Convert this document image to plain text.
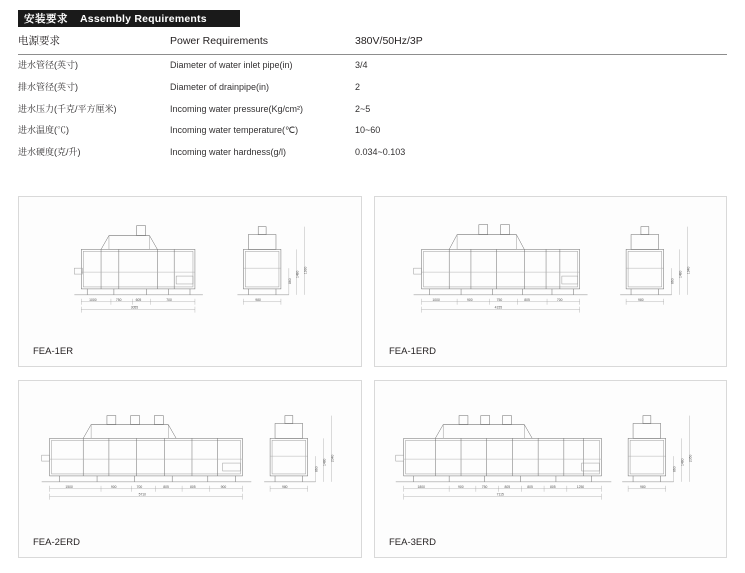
安装要求 Assembly Requirements
电源要求	Power Requirements	380V/50Hz/3P
进水管径(英寸)	Diameter of water inlet pipe(in)	3/4
排水管径(英寸)	Diameter of drainpipe(in)	2
进水压力(千克/平方厘米)	Incoming water pressure(Kg/cm²)	2~5
进水温度(℃)	Incoming water temperature(℃)	10~60
进水硬度(克/升)	Incoming water hardness(g/l)	0.034~0.103
1000	750	605	700
3055
980
860
1480
1930
FEA-1ER
1000	900	750	805	700
4155
980
860
1480
1940
FEA-1ERD
1500	900	700	805	805	900
5710
980
860
1480
2040
FEA-2ERD
1800	900	750	805	805	805	1250
7115
980
860
1480
2050
FEA-3ERD
